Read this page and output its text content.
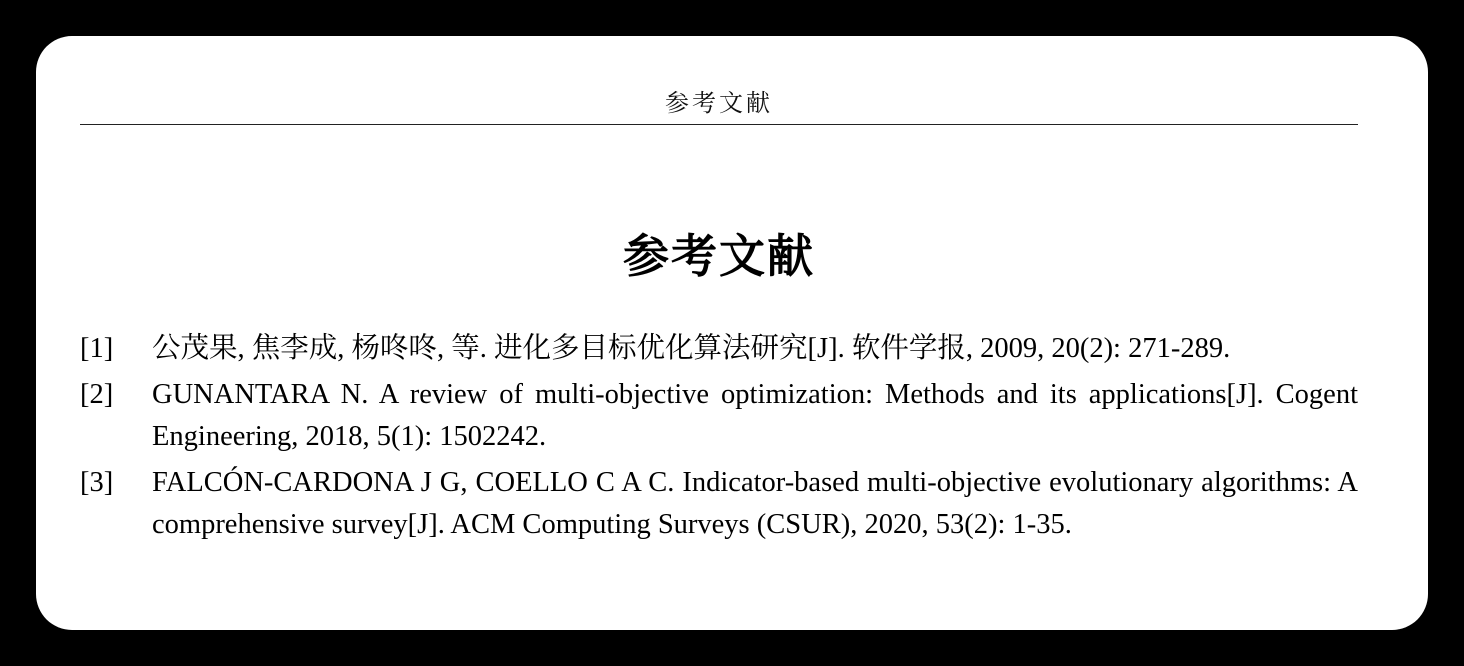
参考文献
参考文献
[1] 公茂果, 焦李成, 杨咚咚, 等. 进化多目标优化算法研究[J]. 软件学报, 2009, 20(2): 271-289.
[2] GUNANTARA N. A review of multi-objective optimization: Methods and its applications[J]. Cogent Engineering, 2018, 5(1): 1502242.
[3] FALCÓN-CARDONA J G, COELLO C A C. Indicator-based multi-objective evolutionary algorithms: A comprehensive survey[J]. ACM Computing Surveys (CSUR), 2020, 53(2): 1-35.
